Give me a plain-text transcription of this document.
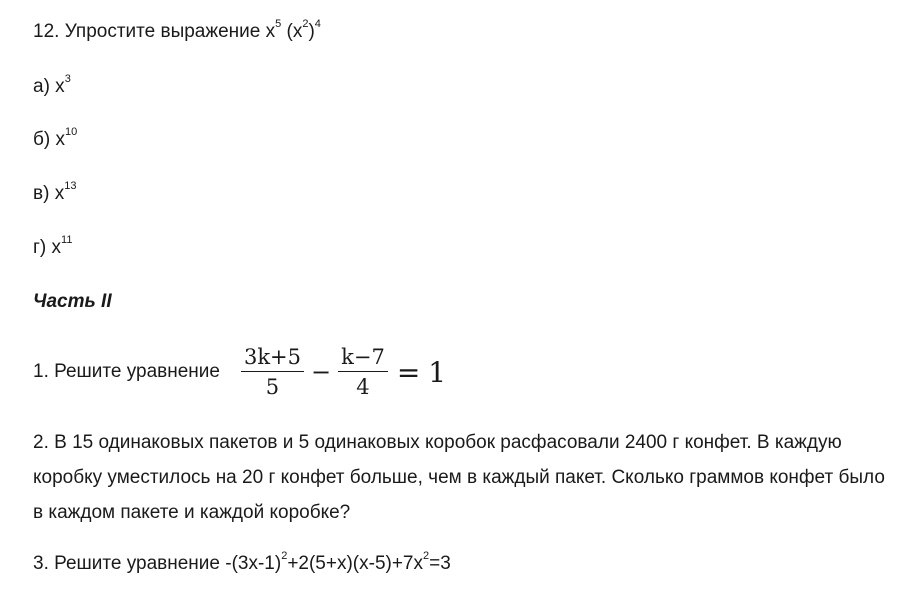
12. Упростите выражение $x^5$ $(x^2)^4$
а) $x^3$
б) $x^{10}$
в) $x^{13}$
г) $x^{11}$
Часть II
1. Решите уравнение $\frac{3k+5}{5} - \frac{k-7}{4} = 1$
2. В 15 одинаковых пакетов и 5 одинаковых коробок расфасовали 2400 г конфет. В каждую коробку уместилось на 20 г конфет больше, чем в каждый пакет. Сколько граммов конфет было в каждом пакете и каждой коробке?
3. Решите уравнение $-(3x-1)^2+2(5+x)(x-5)+7x^2=3$
